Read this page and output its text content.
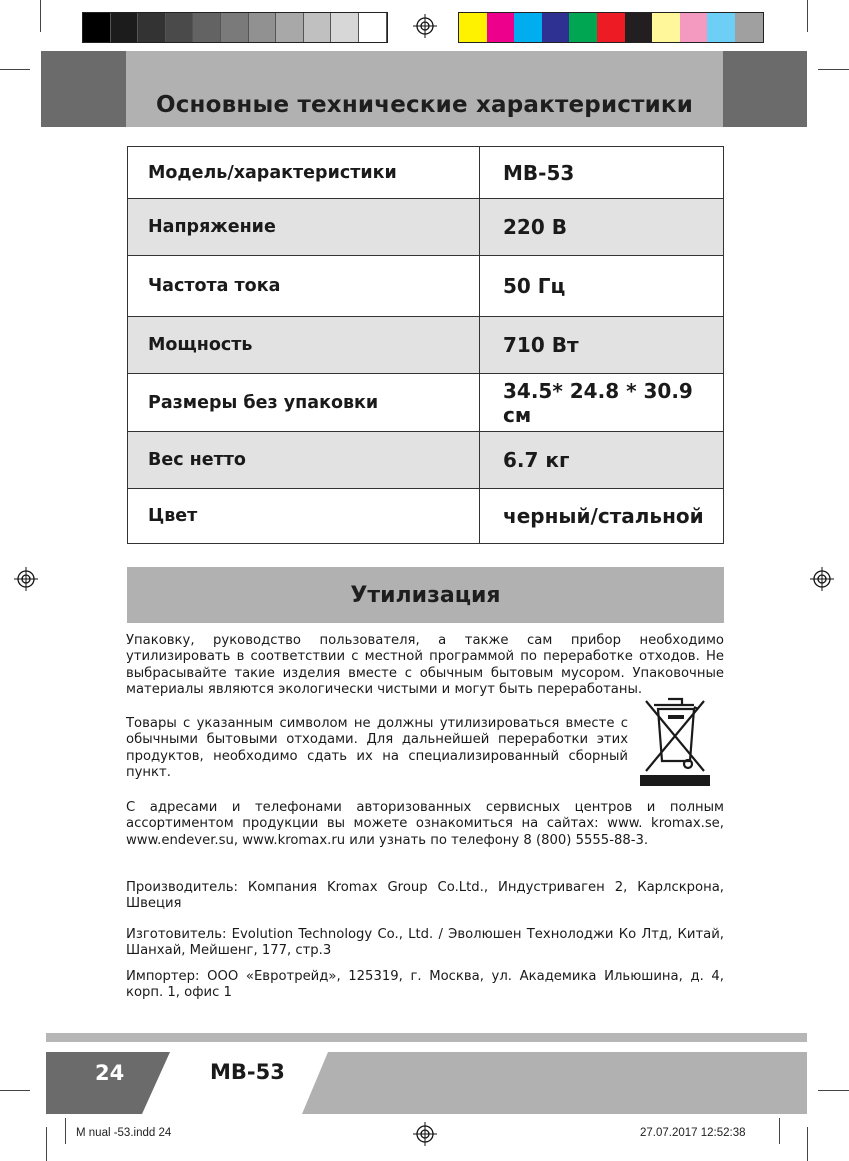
Основные технические характеристики
Модель/характеристики	MB-53
Напряжение	220 В
Частота тока	50 Гц
Мощность	710 Вт
Размеры без упаковки	34.5* 24.8 * 30.9 см
Вес нетто	6.7 кг
Цвет	черный/стальной
Утилизация
Упаковку, руководство пользователя, а также сам прибор необходимо утилизировать в соответствии с местной программой по переработке отходов. Не выбрасывайте такие изделия вместе с обычным бытовым мусором. Упаковочные материалы являются экологически чистыми и могут быть переработаны.
Товары с указанным символом не должны утилизироваться вместе с обычными бытовыми отходами. Для дальнейшей переработки этих продуктов, необходимо сдать их на специализированный сборный пункт.
С адресами и телефонами авторизованных сервисных центров и полным ассортиментом продукции вы можете ознакомиться на сайтах: www. kromax.se, www.endever.su, www.kromax.ru или узнать по телефону 8 (800) 5555-88-3.
Производитель: Компания Kromax Group Co.Ltd., Индустриваген 2, Карлскрона, Швеция
Изготовитель: Evolution Technology Co., Ltd. / Эволюшен Технолоджи Ко Лтд, Китай, Шанхай, Мейшенг, 177, стр.3
Импортер: ООО «Евротрейд», 125319, г. Москва, ул. Академика Ильюшина, д. 4, корп. 1, офис 1
24	MB-53
M nual -53.indd 24	27.07.2017 12:52:38
